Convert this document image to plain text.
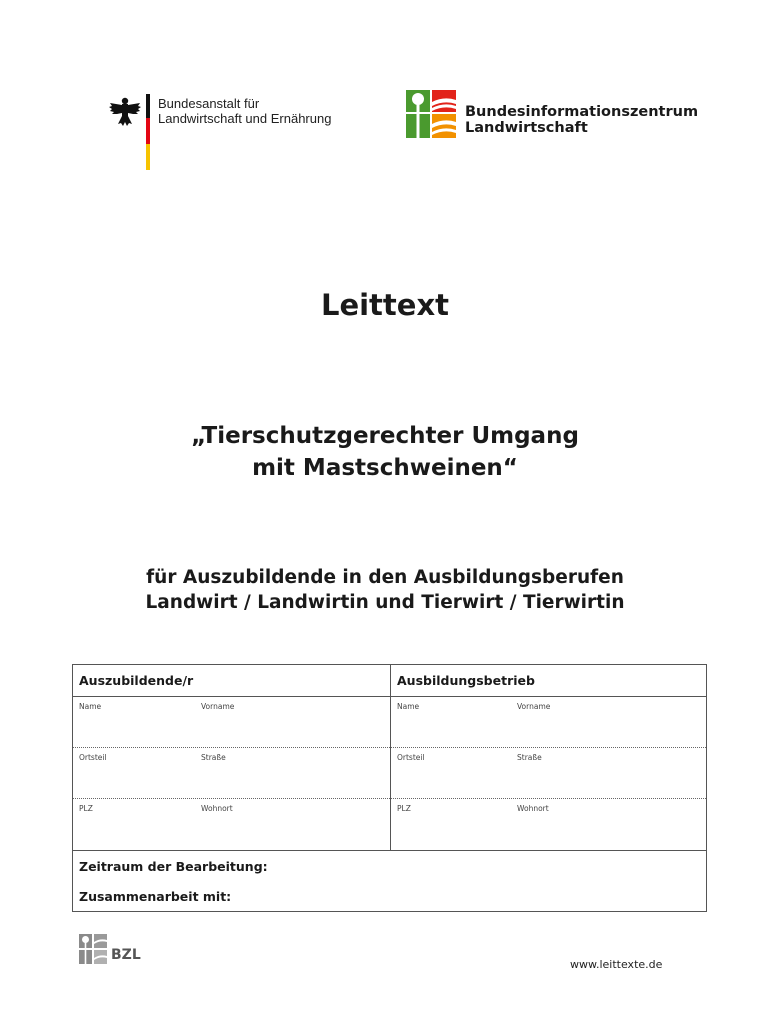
Bundesanstalt für
Landwirtschaft und Ernährung	Bundesinformationszentrum
Landwirtschaft
Leittext
„Tierschutzgerechter Umgang
mit Mastschweinen“
für Auszubildende in den Ausbildungsberufen
Landwirt / Landwirtin und Tierwirt / Tierwirtin
Auszubildende/r
Name	Vorname
Ortsteil	Straße
PLZ	Wohnort
Ausbildungsbetrieb
Name	Vorname
Ortsteil	Straße
PLZ	Wohnort
Zeitraum der Bearbeitung:
Zusammenarbeit mit:
BZL
www.leittexte.de
